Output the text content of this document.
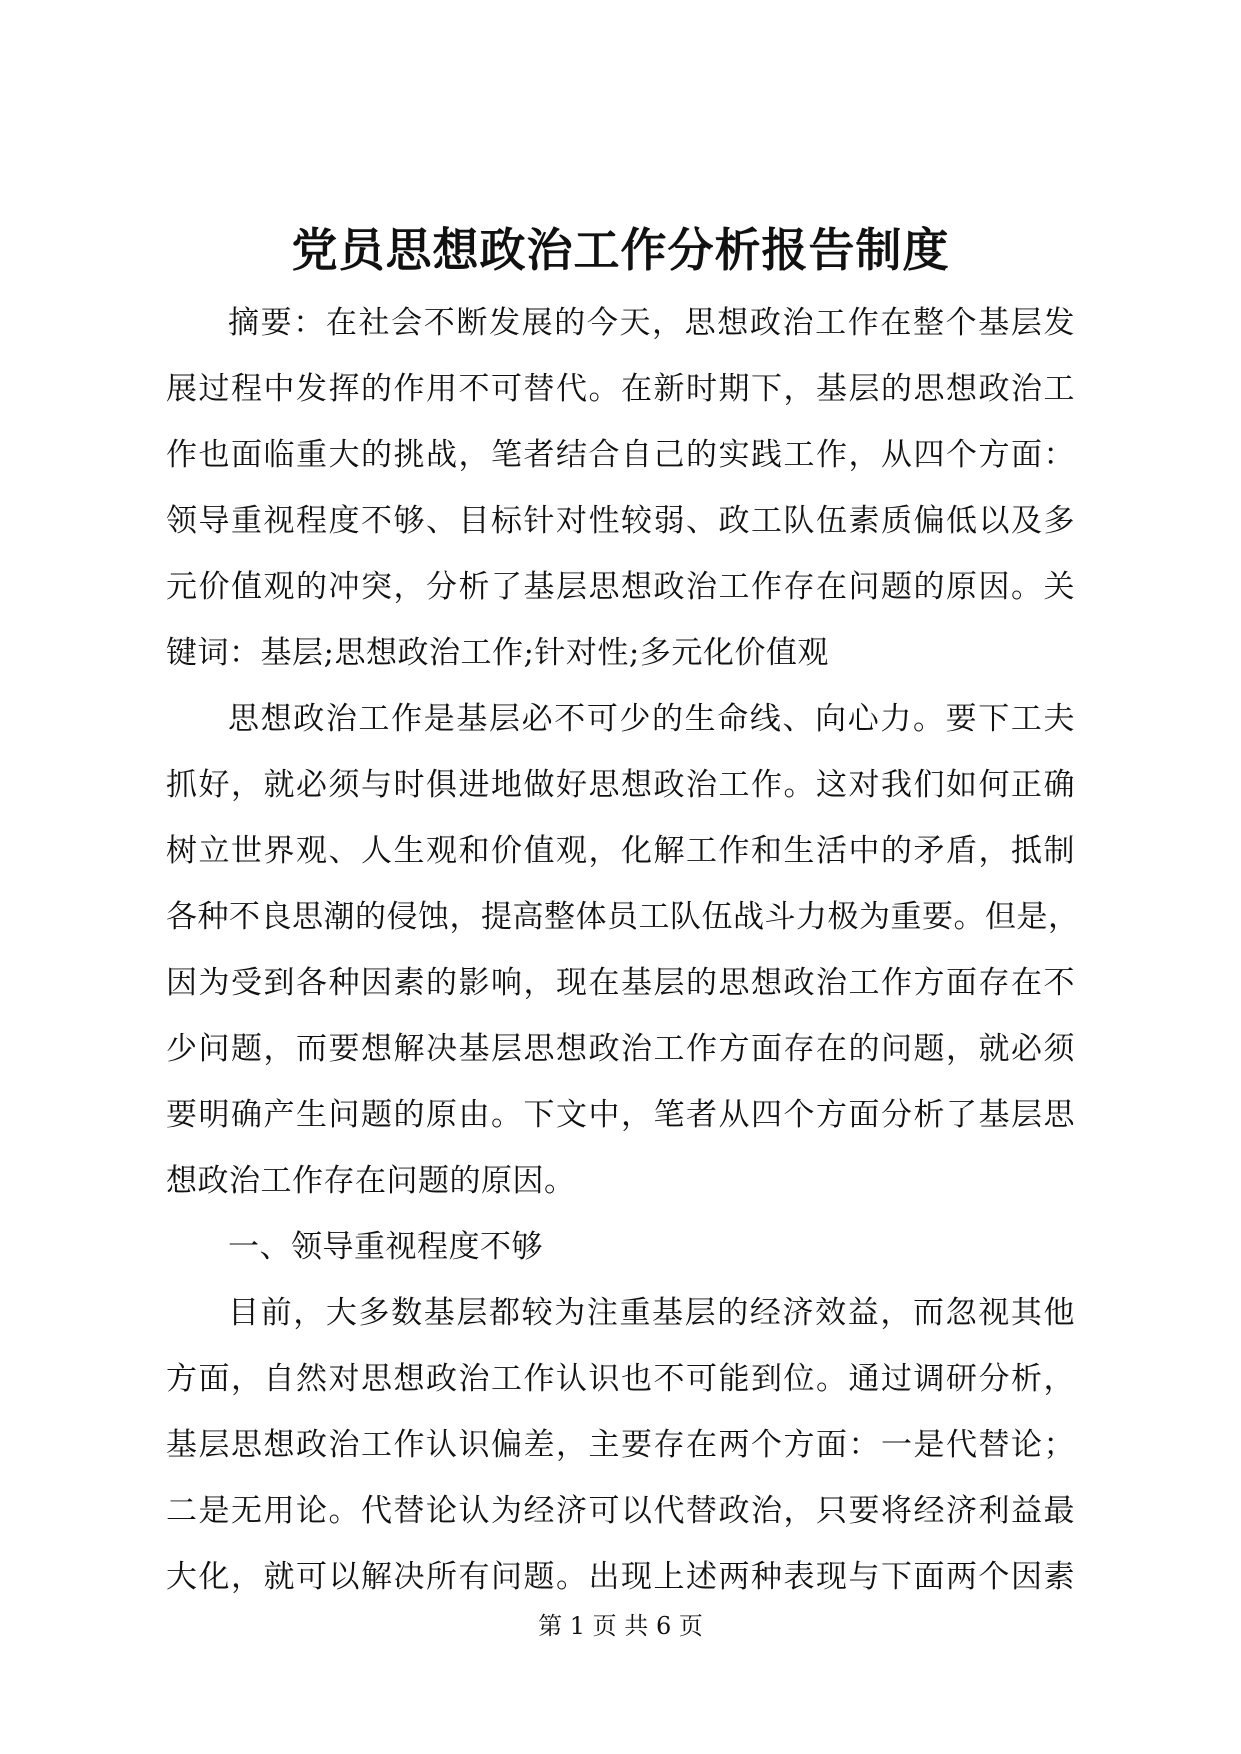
党员思想政治工作分析报告制度
摘要：在社会不断发展的今天，思想政治工作在整个基层发
展过程中发挥的作用不可替代。在新时期下，基层的思想政治工
作也面临重大的挑战，笔者结合自己的实践工作，从四个方面：
领导重视程度不够、目标针对性较弱、政工队伍素质偏低以及多
元价值观的冲突，分析了基层思想政治工作存在问题的原因。关
键词：基层;思想政治工作;针对性;多元化价值观
思想政治工作是基层必不可少的生命线、向心力。要下工夫
抓好，就必须与时俱进地做好思想政治工作。这对我们如何正确
树立世界观、人生观和价值观，化解工作和生活中的矛盾，抵制
各种不良思潮的侵蚀，提高整体员工队伍战斗力极为重要。但是，
因为受到各种因素的影响，现在基层的思想政治工作方面存在不
少问题，而要想解决基层思想政治工作方面存在的问题，就必须
要明确产生问题的原由。下文中，笔者从四个方面分析了基层思
想政治工作存在问题的原因。
一、领导重视程度不够
目前，大多数基层都较为注重基层的经济效益，而忽视其他
方面，自然对思想政治工作认识也不可能到位。通过调研分析，
基层思想政治工作认识偏差，主要存在两个方面：一是代替论；
二是无用论。代替论认为经济可以代替政治，只要将经济利益最
大化，就可以解决所有问题。出现上述两种表现与下面两个因素
第 1 页 共 6 页
